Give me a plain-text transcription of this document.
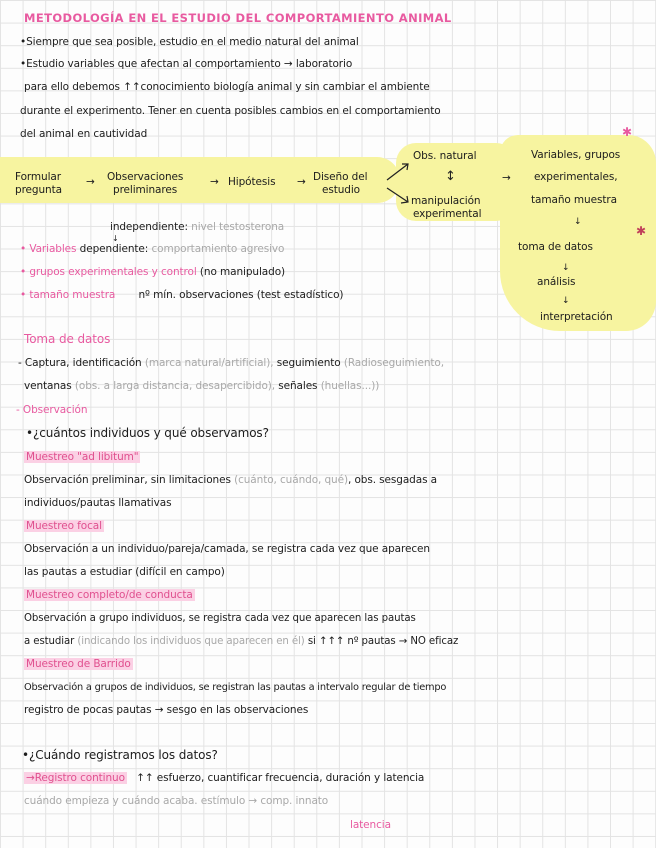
METODOLOGÍA EN EL ESTUDIO DEL COMPORTAMIENTO ANIMAL
•Siempre que sea posible, estudio en el medio natural del animal
•Estudio variables que afectan al comportamiento → laboratorio
para ello debemos ↑↑conocimiento biología animal y sin cambiar el ambiente
durante el experimento. Tener en cuenta posibles cambios en el comportamiento
del animal en cautividad	✱
✱
Formular
pregunta
→ Observaciones
preliminares
→ Hipótesis → Diseño del
estudio
Obs. natural
↕
manipulación
experimental
→
Variables, grupos
experimentales,
tamaño muestra
↓
toma de datos
↓
análisis
↓
interpretación
independiente: nivel testosterona
↓
• Variables dependiente: comportamiento agresivo
• grupos experimentales y control (no manipulado)
• tamaño muestra nº mín. observaciones (test estadístico)
Toma de datos
- Captura, identificación (marca natural/artificial), seguimiento (Radioseguimiento,
ventanas (obs. a larga distancia, desapercibido), señales (huellas...))
- Observación
•¿cuántos individuos y qué observamos?
Muestreo "ad libitum"
Observación preliminar, sin limitaciones (cuánto, cuándo, qué), obs. sesgadas a
individuos/pautas llamativas
Muestreo focal
Observación a un individuo/pareja/camada, se registra cada vez que aparecen
las pautas a estudiar (difícil en campo)
Muestreo completo/de conducta
Observación a grupo individuos, se registra cada vez que aparecen las pautas
a estudiar (indicando los individuos que aparecen en él) si ↑↑↑ nº pautas → NO eficaz
Muestreo de Barrido
Observación a grupos de individuos, se registran las pautas a intervalo regular de tiempo
registro de pocas pautas → sesgo en las observaciones
•¿Cuándo registramos los datos?
→Registro continuo ↑↑ esfuerzo, cuantificar frecuencia, duración y latencia
cuándo empieza y cuándo acaba. estímulo → comp. innato
latencia
